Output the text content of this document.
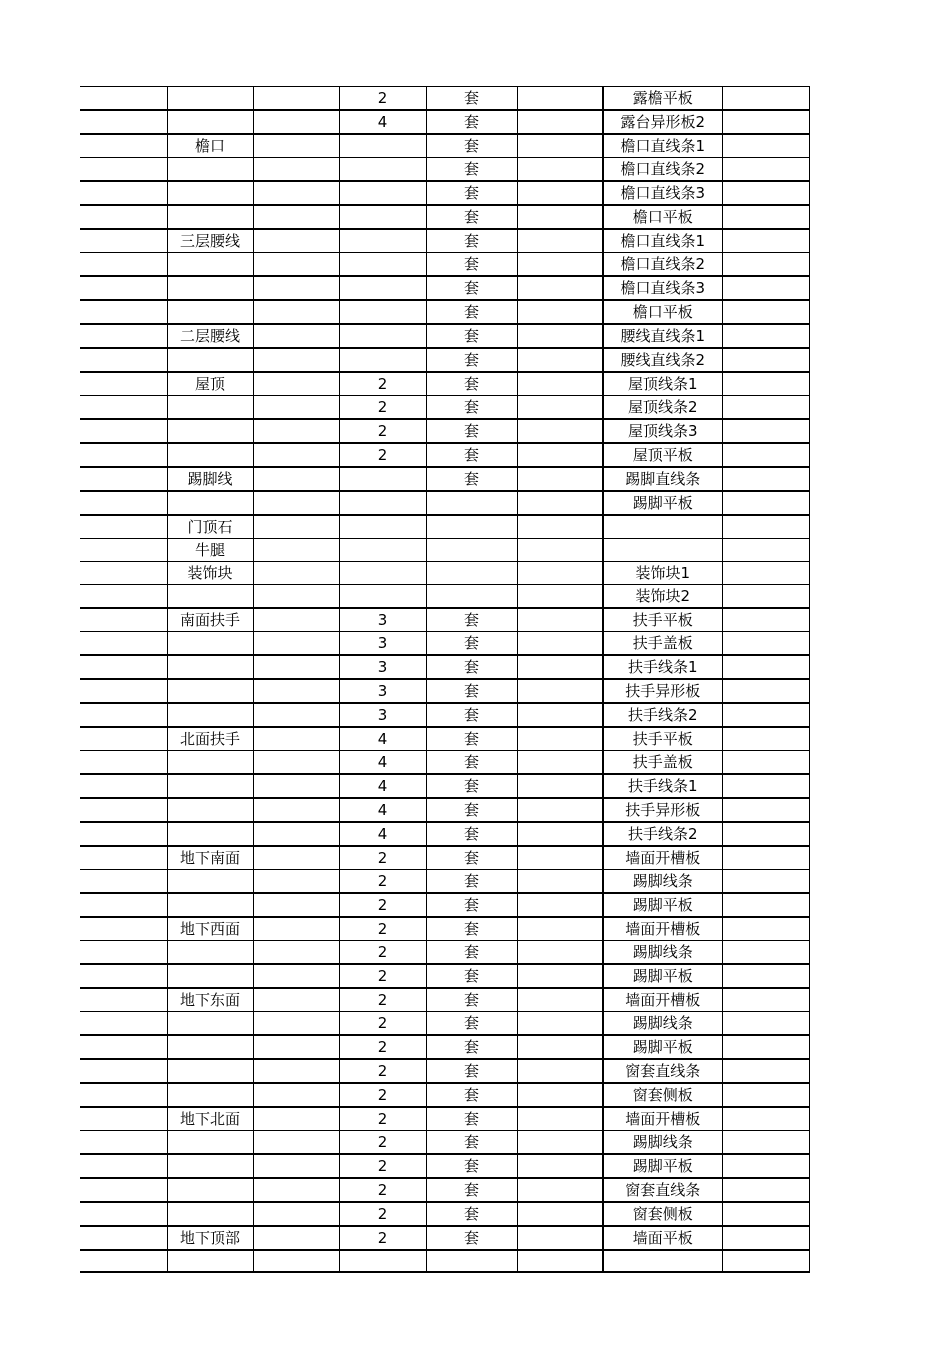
			2	套		露檐平板	
			4	套		露台异形板2	
	檐口			套		檐口直线条1	
				套		檐口直线条2	
				套		檐口直线条3	
				套		檐口平板	
	三层腰线			套		檐口直线条1	
				套		檐口直线条2	
				套		檐口直线条3	
				套		檐口平板	
	二层腰线			套		腰线直线条1	
				套		腰线直线条2	
	屋顶		2	套		屋顶线条1	
			2	套		屋顶线条2	
			2	套		屋顶线条3	
			2	套		屋顶平板	
	踢脚线			套		踢脚直线条	
						踢脚平板	
	门顶石						
	牛腿						
	装饰块					装饰块1	
						装饰块2	
	南面扶手		3	套		扶手平板	
			3	套		扶手盖板	
			3	套		扶手线条1	
			3	套		扶手异形板	
			3	套		扶手线条2	
	北面扶手		4	套		扶手平板	
			4	套		扶手盖板	
			4	套		扶手线条1	
			4	套		扶手异形板	
			4	套		扶手线条2	
	地下南面		2	套		墙面开槽板	
			2	套		踢脚线条	
			2	套		踢脚平板	
	地下西面		2	套		墙面开槽板	
			2	套		踢脚线条	
			2	套		踢脚平板	
	地下东面		2	套		墙面开槽板	
			2	套		踢脚线条	
			2	套		踢脚平板	
			2	套		窗套直线条	
			2	套		窗套侧板	
	地下北面		2	套		墙面开槽板	
			2	套		踢脚线条	
			2	套		踢脚平板	
			2	套		窗套直线条	
			2	套		窗套侧板	
	地下顶部		2	套		墙面平板	
